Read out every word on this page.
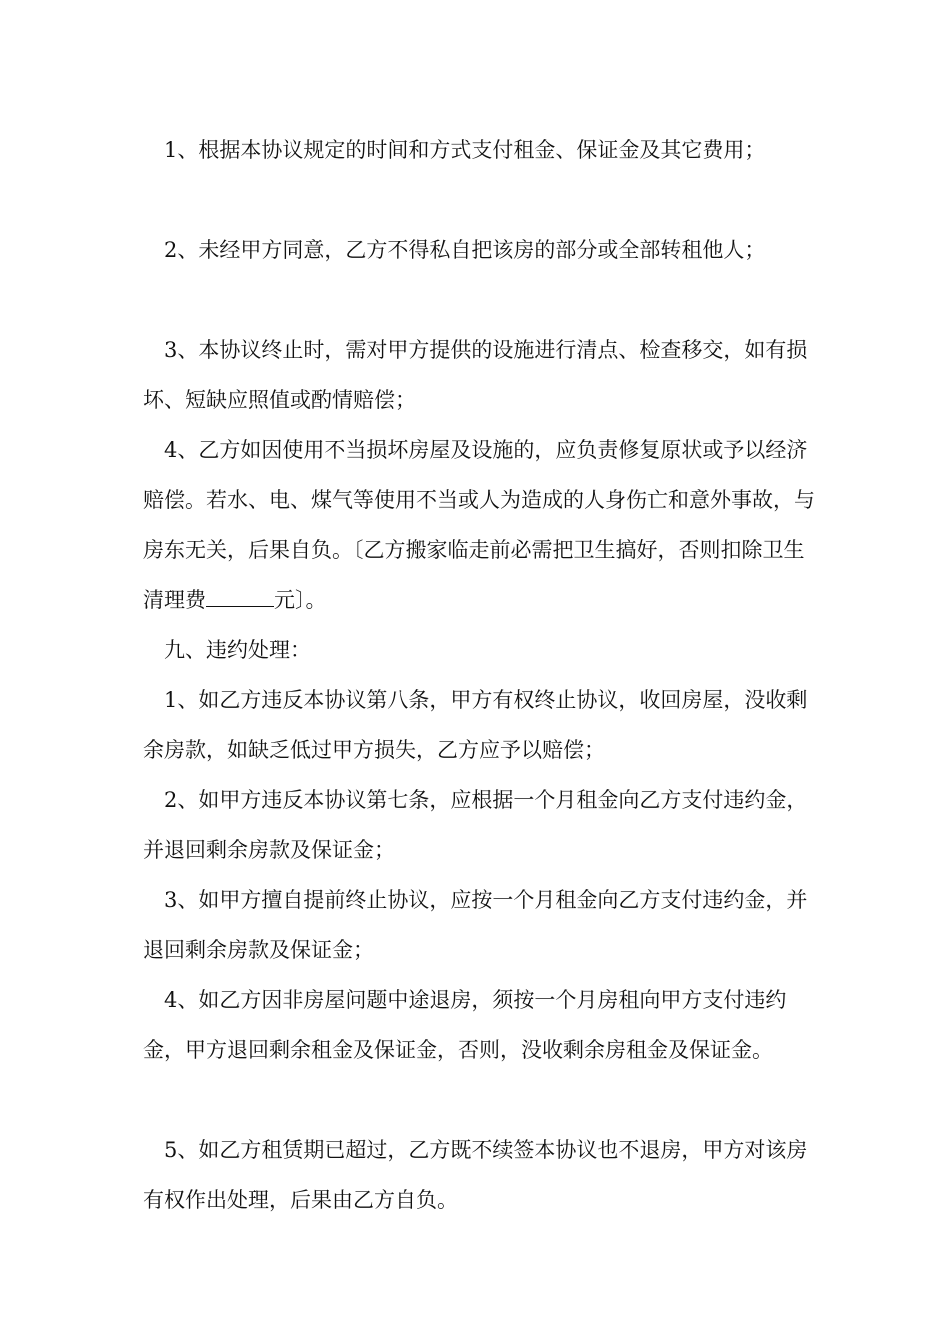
1、根据本协议规定的时间和方式支付租金、保证金及其它费用；

2、未经甲方同意，乙方不得私自把该房的部分或全部转租他人；

3、本协议终止时，需对甲方提供的设施进行清点、检查移交，如有损坏、短缺应照值或酌情赔偿；

4、乙方如因使用不当损坏房屋及设施的，应负责修复原状或予以经济赔偿。若水、电、煤气等使用不当或人为造成的人身伤亡和意外事故，与房东无关，后果自负。〔乙方搬家临走前必需把卫生搞好，否则扣除卫生清理费	元〕。

九、违约处理：

1、如乙方违反本协议第八条，甲方有权终止协议，收回房屋，没收剩余房款，如缺乏低过甲方损失，乙方应予以赔偿；

2、如甲方违反本协议第七条，应根据一个月租金向乙方支付违约金，并退回剩余房款及保证金；

3、如甲方擅自提前终止协议，应按一个月租金向乙方支付违约金，并退回剩余房款及保证金；

4、如乙方因非房屋问题中途退房，须按一个月房租向甲方支付违约金，甲方退回剩余租金及保证金，否则，没收剩余房租金及保证金。

5、如乙方租赁期已超过，乙方既不续签本协议也不退房，甲方对该房有权作出处理，后果由乙方自负。
